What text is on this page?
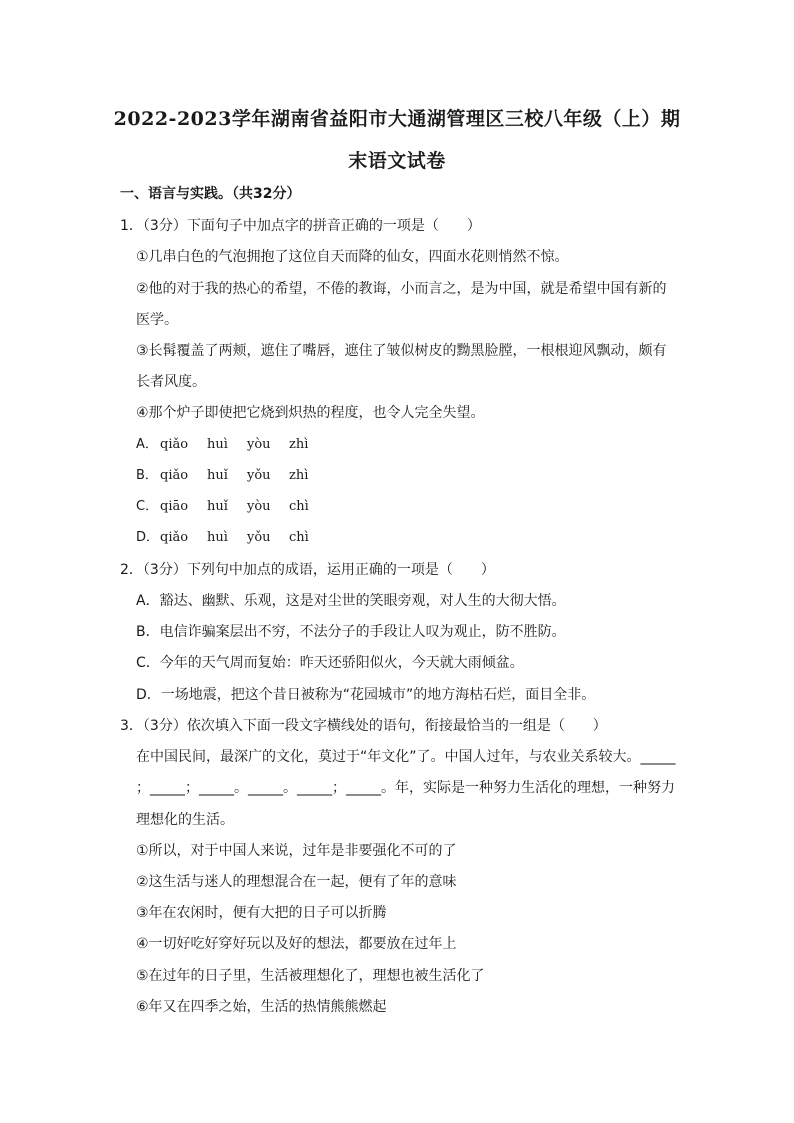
2022-2023学年湖南省益阳市大通湖管理区三校八年级（上）期
末语文试卷
一、语言与实践。（共32分）
1．（3分）下面句子中加点字的拼音正确的一项是（　　）
①几串白色的气泡拥抱了这位自天而降的仙女，四面水花则悄然不惊。
②他的对于我的热心的希望，不倦的教诲，小而言之，是为中国，就是希望中国有新的
医学。
③长髯覆盖了两颊，遮住了嘴唇，遮住了皱似树皮的黝黑脸膛，一根根迎风飘动，颇有
长者风度。
④那个炉子即使把它烧到炽热的程度，也令人完全失望。
A． qiǎo huì yòu zhì
B． qiǎo huǐ yǒu zhì
C． qiāo huǐ yòu chì
D． qiǎo huì yǒu chì
2．（3分）下列句中加点的成语，运用正确的一项是（　　）
A．豁达、幽默、乐观，这是对尘世的笑眼旁观，对人生的大彻大悟。
B．电信诈骗案层出不穷，不法分子的手段让人叹为观止，防不胜防。
C．今年的天气周而复始：昨天还骄阳似火，今天就大雨倾盆。
D．一场地震，把这个昔日被称为“花园城市”的地方海枯石烂，面目全非。
3．（3分）依次填入下面一段文字横线处的语句，衔接最恰当的一组是（　　）
在中国民间，最深广的文化，莫过于“年文化”了。中国人过年，与农业关系较大。_____
；_____；_____。_____。_____；_____。年，实际是一种努力生活化的理想，一种努力
理想化的生活。
①所以，对于中国人来说，过年是非要强化不可的了
②这生活与迷人的理想混合在一起，便有了年的意味
③年在农闲时，便有大把的日子可以折腾
④一切好吃好穿好玩以及好的想法，都要放在过年上
⑤在过年的日子里，生活被理想化了，理想也被生活化了
⑥年又在四季之始，生活的热情熊熊燃起
